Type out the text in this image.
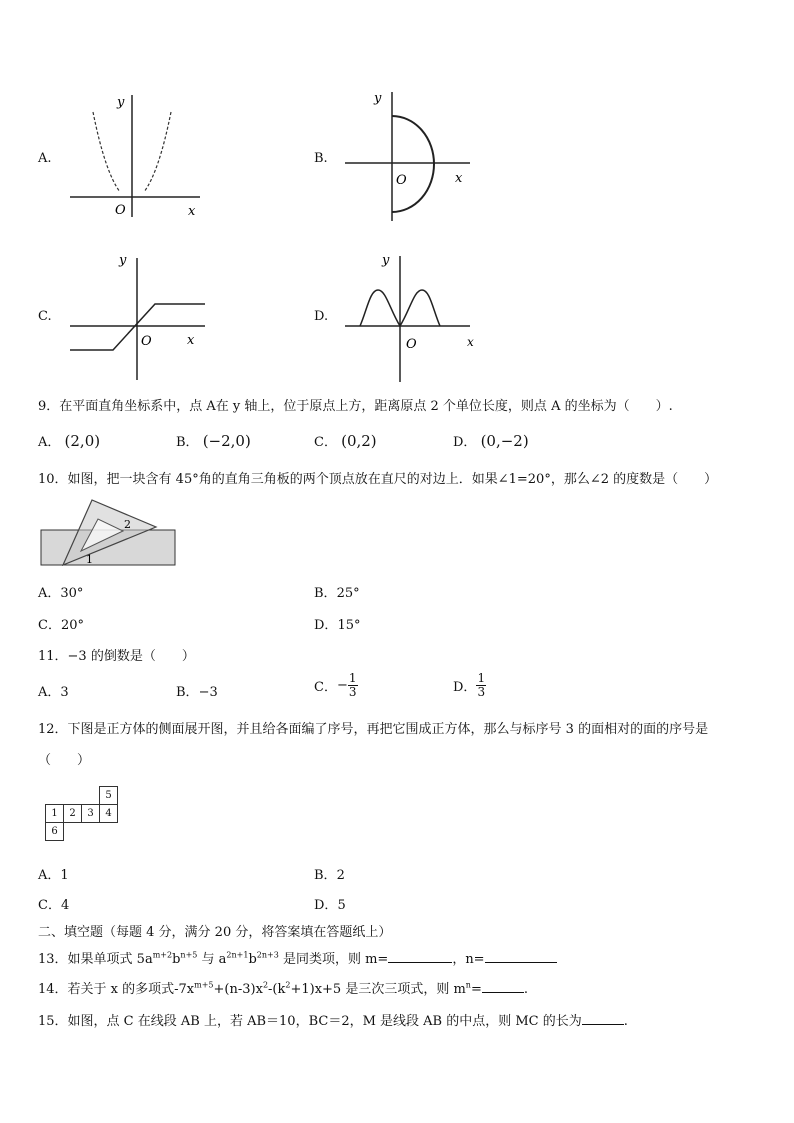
A.
O	x
y
B.
O	x
y
C.
O	x
y
D.
O	x
y
9．在平面直角坐标系中，点 A在 y 轴上，位于原点上方，距离原点 2 个单位长度，则点 A 的坐标为（　　）.
A． (2,0)	B． (−2,0)	C． (0,2)	D． (0,−2)
10．如图，把一块含有 45°角的直角三角板的两个顶点放在直尺的对边上．如果∠1=20°，那么∠2 的度数是（　　）
2
1
A．30°	B．25°
C．20°	D．15°
11．−3 的倒数是（　　）
A．3	B．−3	C．− $\frac{1}{3}$	D． $\frac{1}{3}$
12．下图是正方体的侧面展开图，并且给各面编了序号，再把它围成正方体，那么与标序号 3 的面相对的面的序号是
（　　）
			5
1	2	3	4
6			
A．1	B．2
C．4	D．5
二、填空题（每题 4 分，满分 20 分，将答案填在答题纸上）
13．如果单项式 $5a^{m+2}b^{n+5}$ 与 $a^{2n+1}b^{2n+3}$ 是同类项，则 m=	，n=
14．若关于 x 的多项式$-7x^{m+5}+(n-3)x^2-(k^2+1)x+5$ 是三次三项式，则 $m^n=$	.
15．如图，点 C 在线段 AB 上，若 AB＝10，BC＝2，M 是线段 AB 的中点，则 MC 的长为	.
